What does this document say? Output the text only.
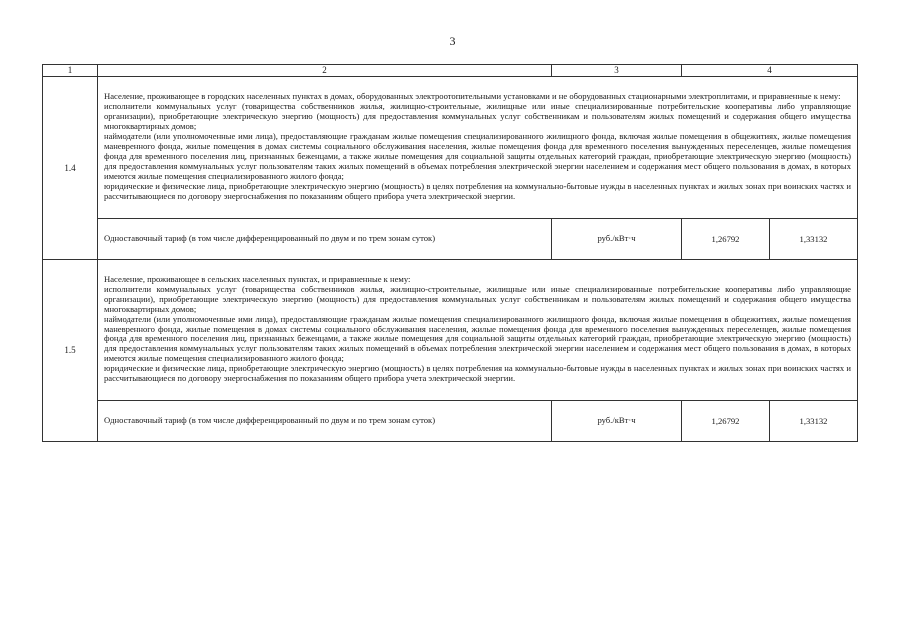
3
1	2	3	4
1.4	Население, проживающее в городских населенных пунктах в домах, оборудованных электроотопительными установками и не оборудованных стационарными электроплитами, и приравненные к нему:

исполнители коммунальных услуг (товарищества собственников жилья, жилищно-строительные, жилищные или иные специализированные потребительские кооперативы либо управляющие организации), приобретающие электрическую энергию (мощность) для предоставления коммунальных услуг собственникам и пользователям жилых помещений и содержания общего имущества многоквартирных домов;

наймодатели (или уполномоченные ими лица), предоставляющие гражданам жилые помещения специализированного жилищного фонда, включая жилые помещения в общежитиях, жилые помещения маневренного фонда, жилые помещения в домах системы социального обслуживания населения, жилые помещения фонда для временного поселения вынужденных переселенцев, жилые помещения фонда для временного поселения лиц, признанных беженцами, а также жилые помещения для социальной защиты отдельных категорий граждан, приобретающие электрическую энергию (мощность) для предоставления коммунальных услуг пользователям таких жилых помещений в объемах потребления электрической энергии населением и содержания мест общего пользования в домах, в которых имеются жилые помещения специализированного жилого фонда;

юридические и физические лица, приобретающие электрическую энергию (мощность) в целях потребления на коммунально-бытовые нужды в населенных пунктах и жилых зонах при воинских частях и рассчитывающиеся по договору энергоснабжения по показаниям общего прибора учета электрической энергии.		

	Одноставочный тариф (в том числе дифференцированный по двум и по трем зонам суток)	руб./кВт·ч	1,26792 1,33132

1.5	Население, проживающее в сельских населенных пунктах, и приравненные к нему:

исполнители коммунальных услуг (товарищества собственников жилья, жилищно-строительные, жилищные или иные специализированные потребительские кооперативы либо управляющие организации), приобретающие электрическую энергию (мощность) для предоставления коммунальных услуг собственникам и пользователям жилых помещений и содержания общего имущества многоквартирных домов;

наймодатели (или уполномоченные ими лица), предоставляющие гражданам жилые помещения специализированного жилищного фонда, включая жилые помещения в общежитиях, жилые помещения маневренного фонда, жилые помещения в домах системы социального обслуживания населения, жилые помещения фонда для временного поселения вынужденных переселенцев, жилые помещения фонда для временного поселения лиц, признанных беженцами, а также жилые помещения для социальной защиты отдельных категорий граждан, приобретающие электрическую энергию (мощность) для предоставления коммунальных услуг пользователям таких жилых помещений в объемах потребления электрической энергии населением и содержания мест общего пользования в домах, в которых имеются жилые помещения специализированного жилого фонда;

юридические и физические лица, приобретающие электрическую энергию (мощность) в целях потребления на коммунально-бытовые нужды в населенных пунктах и жилых зонах при воинских частях и рассчитывающиеся по договору энергоснабжения по показаниям общего прибора учета электрической энергии.		

	Одноставочный тариф (в том числе дифференцированный по двум и по трем зонам суток)	руб./кВт·ч	1,26792 1,33132
